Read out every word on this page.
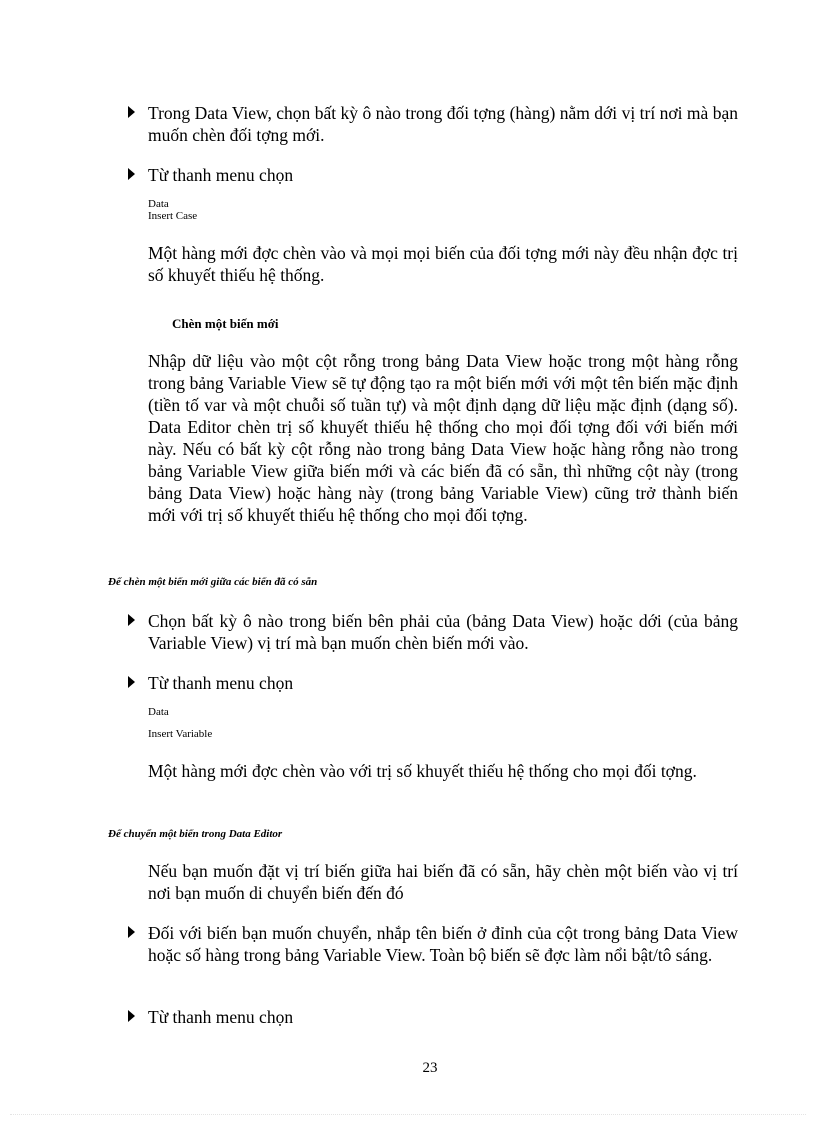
Trong Data View, chọn bất kỳ ô nào trong đối tợng (hàng) nằm dới vị trí nơi mà bạn muốn chèn đối tợng mới.
Từ thanh menu chọn
Data
Insert Case
Một hàng mới đợc chèn vào và mọi mọi biến của đối tợng mới này đều nhận đợc trị số khuyết thiếu hệ thống.
Chèn một biến mới
Nhập dữ liệu vào một cột rỗng trong bảng Data View hoặc trong một hàng rỗng trong bảng Variable View sẽ tự động tạo ra một biến mới với một tên biến mặc định (tiền tố var và một chuỗi số tuần tự) và một định dạng dữ liệu mặc định (dạng số). Data Editor chèn trị số khuyết thiếu hệ thống cho mọi đối tợng đối với biến mới này. Nếu có bất kỳ cột rỗng nào trong bảng Data View hoặc hàng rỗng nào trong bảng Variable View giữa biến mới và các biến đã có sẵn, thì những cột này (trong bảng Data View) hoặc hàng này (trong bảng Variable View) cũng trở thành biến mới với trị số khuyết thiếu hệ thống cho mọi đối tợng.
Để chèn một biến mới giữa các biến đã có sẵn
Chọn bất kỳ ô nào trong biến bên phải của (bảng Data View) hoặc dới (của bảng Variable View) vị trí mà bạn muốn chèn biến mới vào.
Từ thanh menu chọn
Data
Insert Variable
Một hàng mới đợc chèn vào với trị số khuyết thiếu hệ thống cho mọi đối tợng.
Để chuyển một biến trong Data Editor
Nếu bạn muốn đặt vị trí biến giữa hai biến đã có sẵn, hãy chèn một biến vào vị trí nơi bạn muốn di chuyển biến đến đó
Đối với biến bạn muốn chuyển, nhắp tên biến ở đỉnh của cột trong bảng Data View hoặc số hàng trong bảng Variable View. Toàn bộ biến sẽ đợc làm nổi bật/tô sáng.
Từ thanh menu chọn
23
